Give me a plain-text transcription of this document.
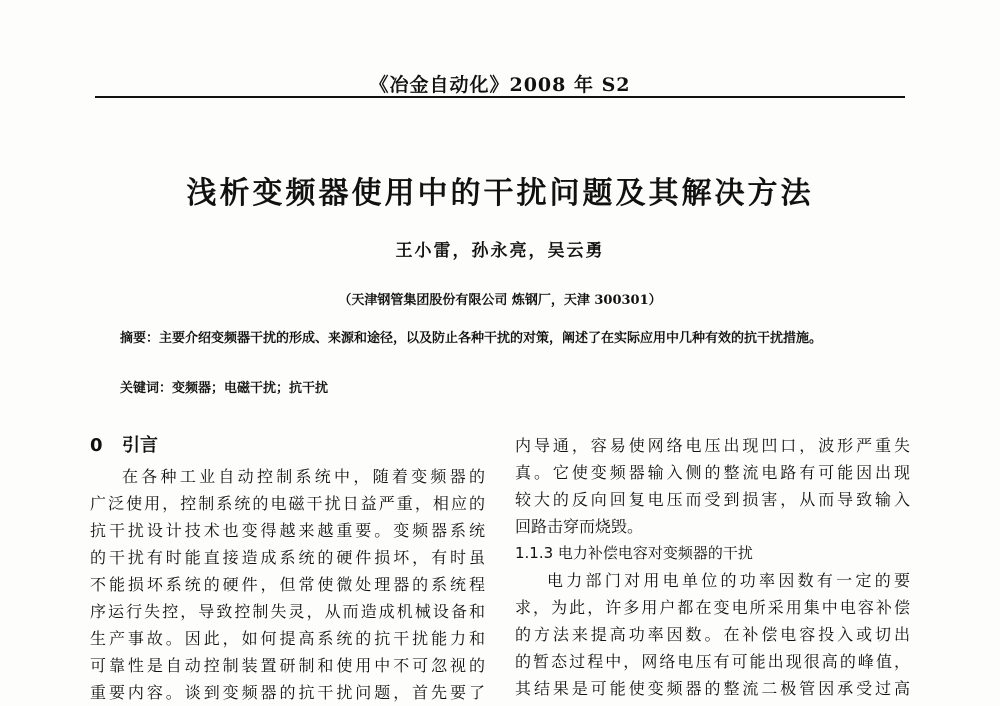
《冶金自动化》2008 年 S2
浅析变频器使用中的干扰问题及其解决方法
王小雷，孙永亮，吴云勇
（天津钢管集团股份有限公司 炼钢厂，天津 300301）
摘要：主要介绍变频器干扰的形成、来源和途径，以及防止各种干扰的对策，阐述了在实际应用中几种有效的抗干扰措施。
关键词：变频器；电磁干扰；抗干扰
0 引言

在各种工业自动控制系统中，随着变频器的

广泛使用，控制系统的电磁干扰日益严重，相应的

抗干扰设计技术也变得越来越重要。变频器系统

的干扰有时能直接造成系统的硬件损坏，有时虽

不能损坏系统的硬件，但常使微处理器的系统程

序运行失控，导致控制失灵，从而造成机械设备和

生产事故。因此，如何提高系统的抗干扰能力和

可靠性是自动控制装置研制和使用中不可忽视的

重要内容。谈到变频器的抗干扰问题，首先要了

内导通，容易使网络电压出现凹口，波形严重失

真。它使变频器输入侧的整流电路有可能因出现

较大的反向回复电压而受到损害，从而导致输入

回路击穿而烧毁。

1.1.3 电力补偿电容对变频器的干扰

电力部门对用电单位的功率因数有一定的要

求，为此，许多用户都在变电所采用集中电容补偿

的方法来提高功率因数。在补偿电容投入或切出

的暂态过程中，网络电压有可能出现很高的峰值，

其结果是可能使变频器的整流二极管因承受过高
